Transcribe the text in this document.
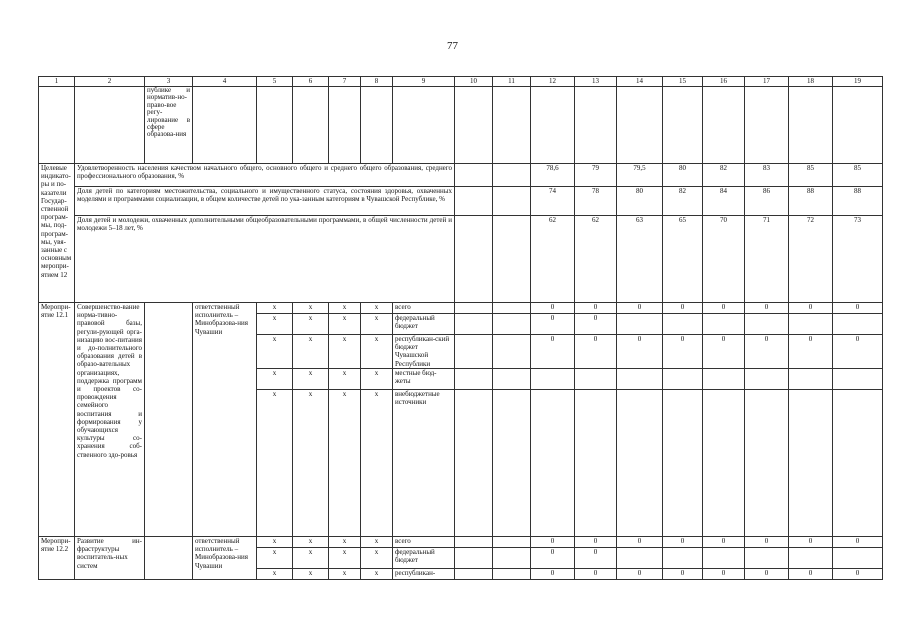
77
1	2	3	4	5	6	7	8	9	10	11	12	13	14	15	16	17	18	19
		публике и норматив-но-право-вое регу-лирование в сфере образова-ния																
Целевые индикато-ры и по-казатели Государ-ственной програм-мы, под-програм-мы, увя-занные с основным меропри-ятием 12	Удовлетворенность населения качеством начального общего, основного общего и среднего общего образования, среднего профессионального образования, %										78,6	79	79,5	80	82	83	85	85
	Доля детей по категориям местожительства, социального и имущественного статуса, состояния здоровья, охваченных моделями и программами социализации, в общем количестве детей по ука-занным категориям в Чувашской Республике, %										74	78	80	82	84	86	88	88
	Доля детей и молодежи, охваченных дополнительными общеобразовательными программами, в общей численности детей и молодежи 5–18 лет, %										62	62	63	65	70	71	72	73
Меропри-ятие 12.1	Совершенство-вание норма-тивно-правовой базы, регули-рующей орга-низацию вос-питания и до-полнительного образования детей в образо-вательных организациях, поддержка программ и проектов со-провождения семейного воспитания и формирования у обучающихся культуры со-хранения соб-ственного здо-ровья		ответственный исполнитель – Минобразова-ния Чувашии	x	x	x	x	всего			0	0	0	0	0	0	0	0
				x	x	x	x	федеральный бюджет			0	0						
				x	x	x	x	республикан-ский бюджет Чувашской Республики			0	0	0	0	0	0	0	0
				x	x	x	x	местные бюд-жеты										
				x	x	x	x	внебюджетные источники										
Меропри-ятие 12.2	Развитие ин-фраструктуры воспитатель-ных систем		ответственный исполнитель – Минобразова-ния Чувашии	x	x	x	x	всего			0	0	0	0	0	0	0	0
				x	x	x	x	федеральный бюджет			0	0						
				x	x	x	x	республикан-			0	0	0	0	0	0	0	0
